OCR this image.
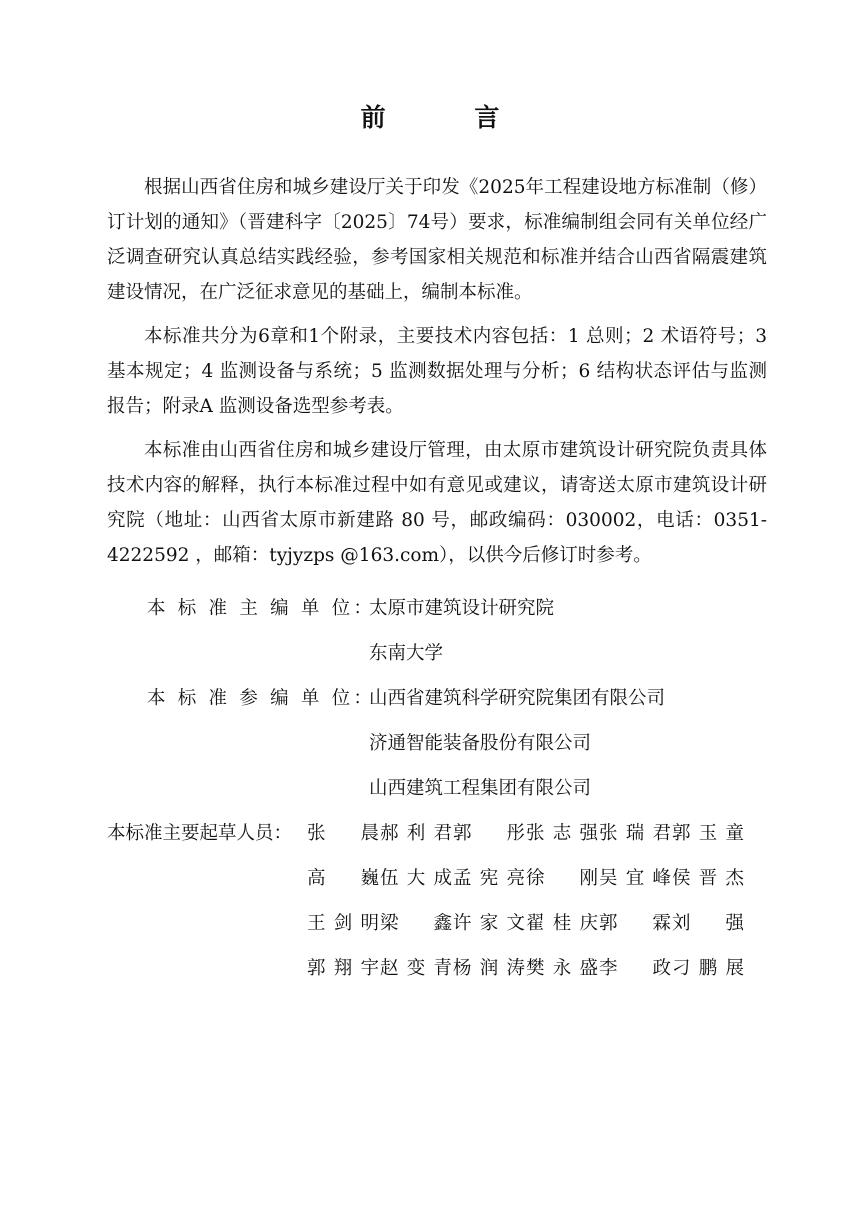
前 言

根据山西省住房和城乡建设厅关于印发《2025年工程建设地方标准制（修）订计划的通知》（晋建科字〔2025〕74号）要求，标准编制组会同有关单位经广泛调查研究认真总结实践经验，参考国家相关规范和标准并结合山西省隔震建筑建设情况，在广泛征求意见的基础上，编制本标准。

本标准共分为6章和1个附录，主要技术内容包括：1 总则；2 术语符号；3 基本规定；4 监测设备与系统；5 监测数据处理与分析；6 结构状态评估与监测报告；附录A 监测设备选型参考表。

本标准由山西省住房和城乡建设厅管理，由太原市建筑设计研究院负责具体技术内容的解释，执行本标准过程中如有意见或建议，请寄送太原市建筑设计研究院（地址：山西省太原市新建路 80 号，邮政编码：030002，电话：0351-4222592 ，邮箱：tyjyzps @163.com），以供今后修订时参考。

本 标 准 主 编 单 位：
太原市建筑设计研究院
东南大学
本 标 准 参 编 单 位：
山西省建筑科学研究院集团有限公司
济通智能装备股份有限公司
山西建筑工程集团有限公司
本标准主要起草人员： 张　晨 郝利君 郭　彤 张志强 张瑞君 郭玉童
高　巍 伍大成 孟宪亮 徐　刚 吴宜峰 侯晋杰
王剑明 梁　鑫 许家文 翟桂庆 郭　霖 刘　强
郭翔宇 赵变青 杨润涛 樊永盛 李　政 刁鹏展
